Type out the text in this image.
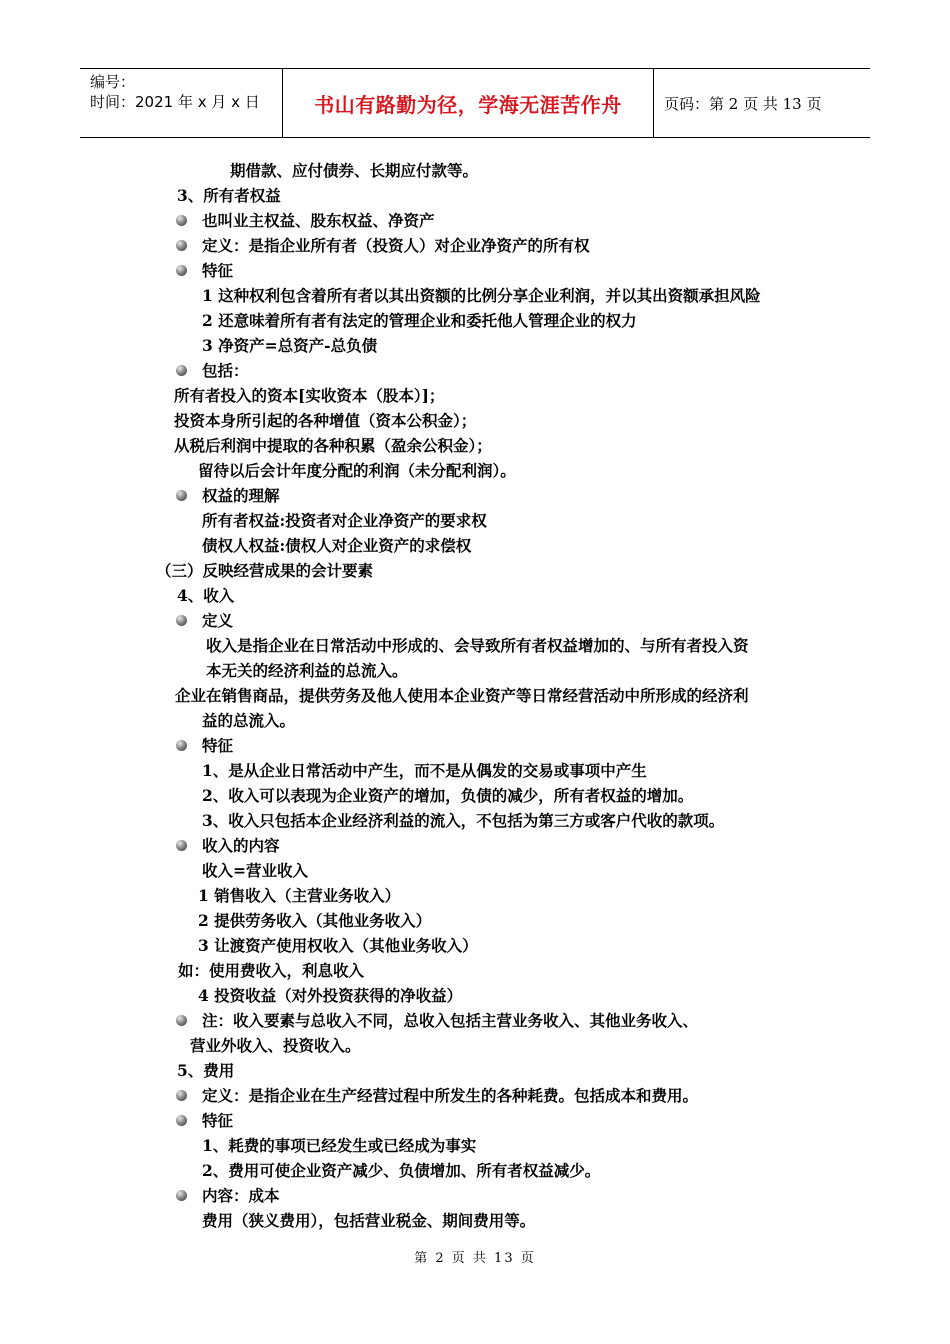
编号：
时间：2021 年 x 月 x 日	书山有路勤为径，学海无涯苦作舟	页码：第 2 页 共 13 页
期借款、应付债券、长期应付款等。
3、所有者权益
也叫业主权益、股东权益、净资产
定义：是指企业所有者（投资人）对企业净资产的所有权
特征
1 这种权利包含着所有者以其出资额的比例分享企业利润，并以其出资额承担风险
2 还意味着所有者有法定的管理企业和委托他人管理企业的权力
3 净资产=总资产-总负债
包括：
所有者投入的资本[实收资本（股本）]；
投资本身所引起的各种增值（资本公积金）；
从税后利润中提取的各种积累（盈余公积金）；
留待以后会计年度分配的利润（未分配利润）。
权益的理解
所有者权益:投资者对企业净资产的要求权
债权人权益:债权人对企业资产的求偿权
（三）反映经营成果的会计要素
4、收入
定义
收入是指企业在日常活动中形成的、会导致所有者权益增加的、与所有者投入资
本无关的经济利益的总流入。
企业在销售商品，提供劳务及他人使用本企业资产等日常经营活动中所形成的经济利
益的总流入。
特征
1、是从企业日常活动中产生，而不是从偶发的交易或事项中产生
2、收入可以表现为企业资产的增加，负债的减少，所有者权益的增加。
3、收入只包括本企业经济利益的流入，不包括为第三方或客户代收的款项。
收入的内容
收入=营业收入
1 销售收入（主营业务收入）
2 提供劳务收入（其他业务收入）
3 让渡资产使用权收入（其他业务收入）
如：使用费收入，利息收入
4 投资收益（对外投资获得的净收益）
注：收入要素与总收入不同，总收入包括主营业务收入、其他业务收入、
营业外收入、投资收入。
5、费用
定义：是指企业在生产经营过程中所发生的各种耗费。包括成本和费用。
特征
1、耗费的事项已经发生或已经成为事实
2、费用可使企业资产减少、负债增加、所有者权益减少。
内容：成本
费用（狭义费用），包括营业税金、期间费用等。
第 2 页 共 13 页
